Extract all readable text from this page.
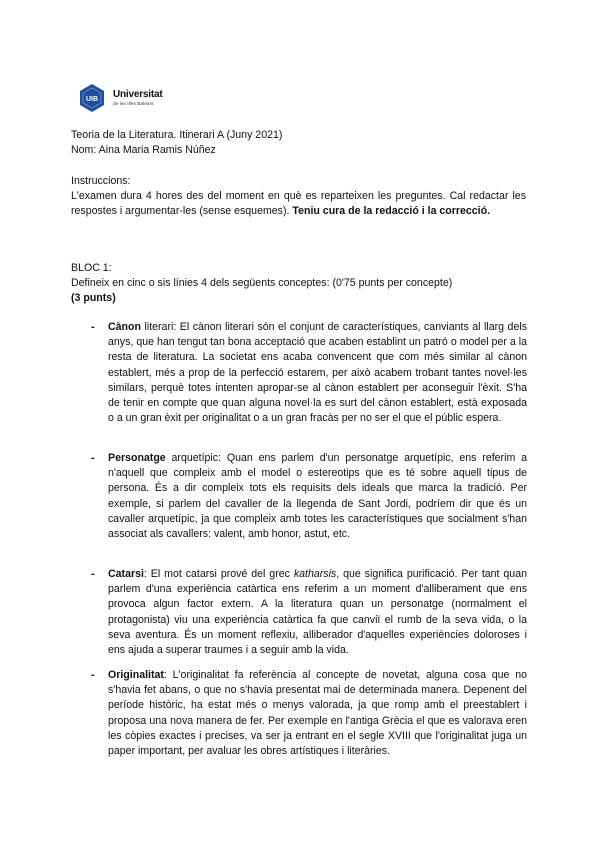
UIB Universitat
de les Illes Balears

Teoria de la Literatura. Itinerari A (Juny 2021)

Nom: Aina Maria Ramis Núñez

Instruccions:

L'examen dura 4 hores des del moment en què es reparteixen les preguntes. Cal redactar les respostes i argumentar-les (sense esquemes). Teniu cura de la redacció i la correcció.

BLOC 1:

Defineix en cinc o sis línies 4 dels següents conceptes: (0'75 punts per concepte)

(3 punts)

- Cànon literari: El cànon literari són el conjunt de característiques, canviants al llarg dels anys, que han tengut tan bona acceptació que acaben establint un patró o model per a la resta de literatura. La societat ens acaba convencent que com més similar al cànon establert, més a prop de la perfecció estarem, per això acabem trobant tantes novel·les similars, perquè totes intenten apropar-se al cànon establert per aconseguir l'èxit. S'ha de tenir en compte que quan alguna novel·la es surt del cànon establert, està exposada o a un gran èxit per originalitat o a un gran fracàs per no ser el que el públic espera.

- Personatge arquetípic: Quan ens parlem d'un personatge arquetípic, ens referim a n'aquell que compleix amb el model o estereotips que es té sobre aquell tipus de persona. És a dir compleix tots els requisits dels ideals que marca la tradició. Per exemple, si parlem del cavaller de la llegenda de Sant Jordi, podríem dir que és un cavaller arquetípic, ja que compleix amb totes les característiques que socialment s'han associat als cavallers: valent, amb honor, astut, etc.

- Catarsi: El mot catarsi prové del grec katharsis, que significa purificació. Per tant quan parlem d'una experiència catàrtica ens referim a un moment d'alliberament que ens provoca algun factor extern. A la literatura quan un personatge (normalment el protagonista) viu una experiència catàrtica fa que canviï el rumb de la seva vida, o la seva aventura. És un moment reflexiu, alliberador d'aquelles experiències doloroses i ens ajuda a superar traumes i a seguir amb la vida.

- Originalitat: L'originalitat fa referència al concepte de novetat, alguna cosa que no s'havia fet abans, o que no s'havia presentat mai de determinada manera. Depenent del període històric, ha estat més o menys valorada, ja que romp amb el preestablert i proposa una nova manera de fer. Per exemple en l'antiga Grècia el que es valorava eren les còpies exactes i precises, va ser ja entrant en el segle XVIII que l'originalitat juga un paper important, per avaluar les obres artístiques i literàries.
